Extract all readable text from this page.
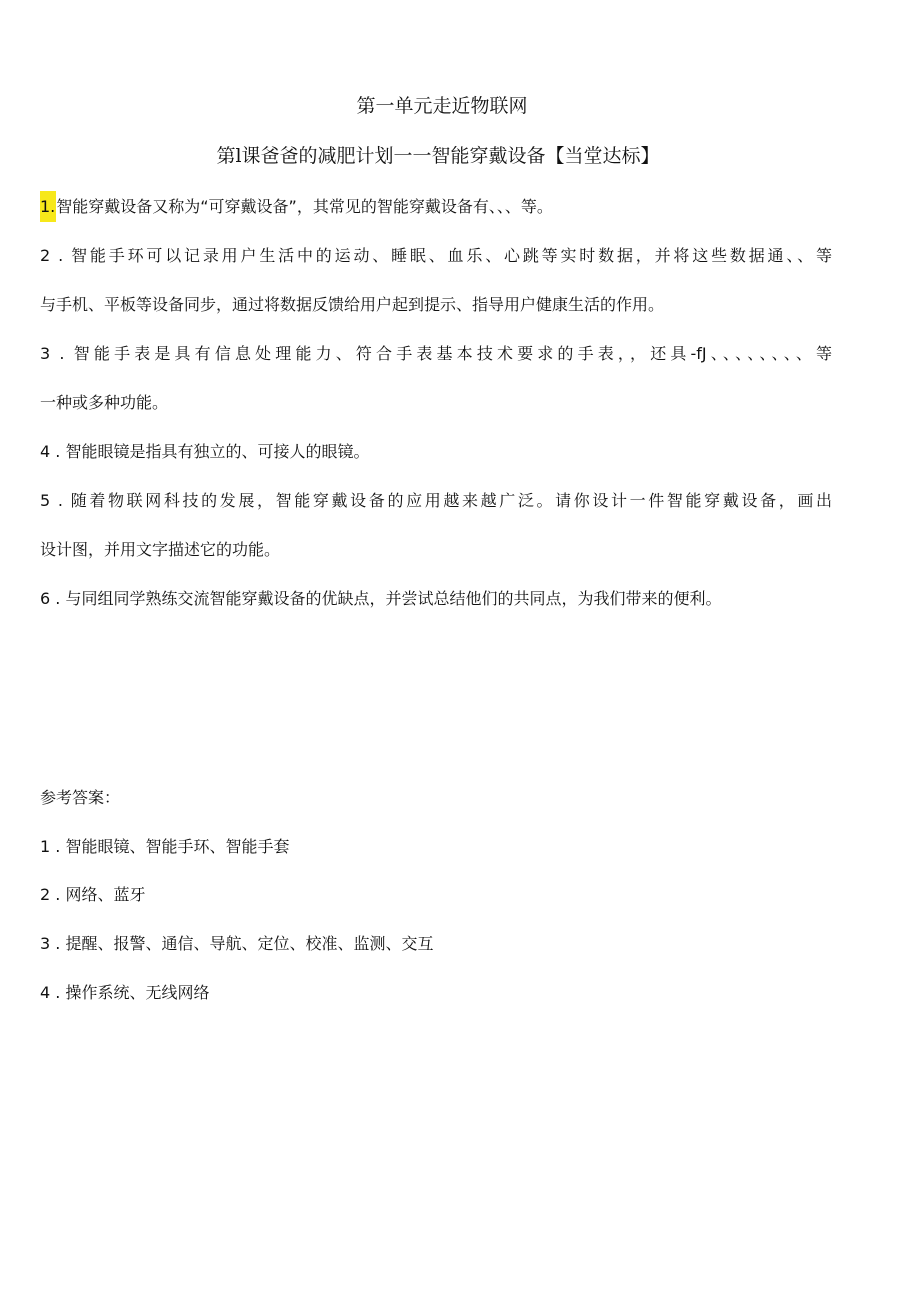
第一单元走近物联网
第l课爸爸的减肥计划一一智能穿戴设备【当堂达标】
1.智能穿戴设备又称为“可穿戴设备”，其常见的智能穿戴设备有、、、等。
2 . 智能手环可以记录用户生活中的运动、睡眠、血乐、心跳等实时数据，并将这些数据通、、等
与手机、平板等设备同步，通过将数据反馈给用户起到提示、指导用户健康生活的作用。
3 . 智能手表是具有信息处理能力、符合手表基本技术要求的手表，，还具-fJ、、、、、、、、等
一种或多种功能。
4 . 智能眼镜是指具有独立的、可接人的眼镜。
5 . 随着物联网科技的发展，智能穿戴设备的应用越来越广泛。请你设计一件智能穿戴设备，画出
设计图，并用文字描述它的功能。
6 . 与同组同学熟练交流智能穿戴设备的优缺点，并尝试总结他们的共同点，为我们带来的便利。
参考答案：
1 . 智能眼镜、智能手环、智能手套
2 . 网络、蓝牙
3 . 提醒、报警、通信、导航、定位、校准、监测、交互
4 . 操作系统、无线网络
